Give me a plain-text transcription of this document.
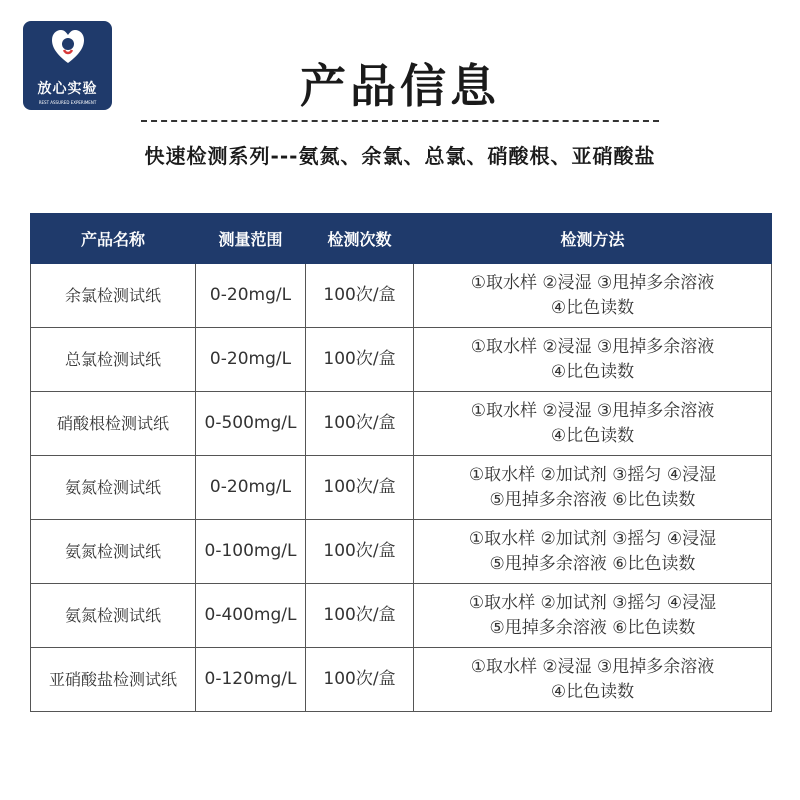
放心实验
REST ASSURED EXPERIMENT	产品信息
快速检测系列---氨氮、余氯、总氯、硝酸根、亚硝酸盐
产品名称	测量范围	检测次数	检测方法
余氯检测试纸	0-20mg/L	100次/盒	①取水样 ②浸湿 ③甩掉多余溶液
④比色读数

总氯检测试纸	0-20mg/L	100次/盒	①取水样 ②浸湿 ③甩掉多余溶液
④比色读数

硝酸根检测试纸	0-500mg/L	100次/盒	①取水样 ②浸湿 ③甩掉多余溶液
④比色读数

氨氮检测试纸	0-20mg/L	100次/盒	①取水样 ②加试剂 ③摇匀 ④浸湿
⑤甩掉多余溶液 ⑥比色读数

氨氮检测试纸	0-100mg/L	100次/盒	①取水样 ②加试剂 ③摇匀 ④浸湿
⑤甩掉多余溶液 ⑥比色读数

氨氮检测试纸	0-400mg/L	100次/盒	①取水样 ②加试剂 ③摇匀 ④浸湿
⑤甩掉多余溶液 ⑥比色读数

亚硝酸盐检测试纸	0-120mg/L	100次/盒	①取水样 ②浸湿 ③甩掉多余溶液
④比色读数
